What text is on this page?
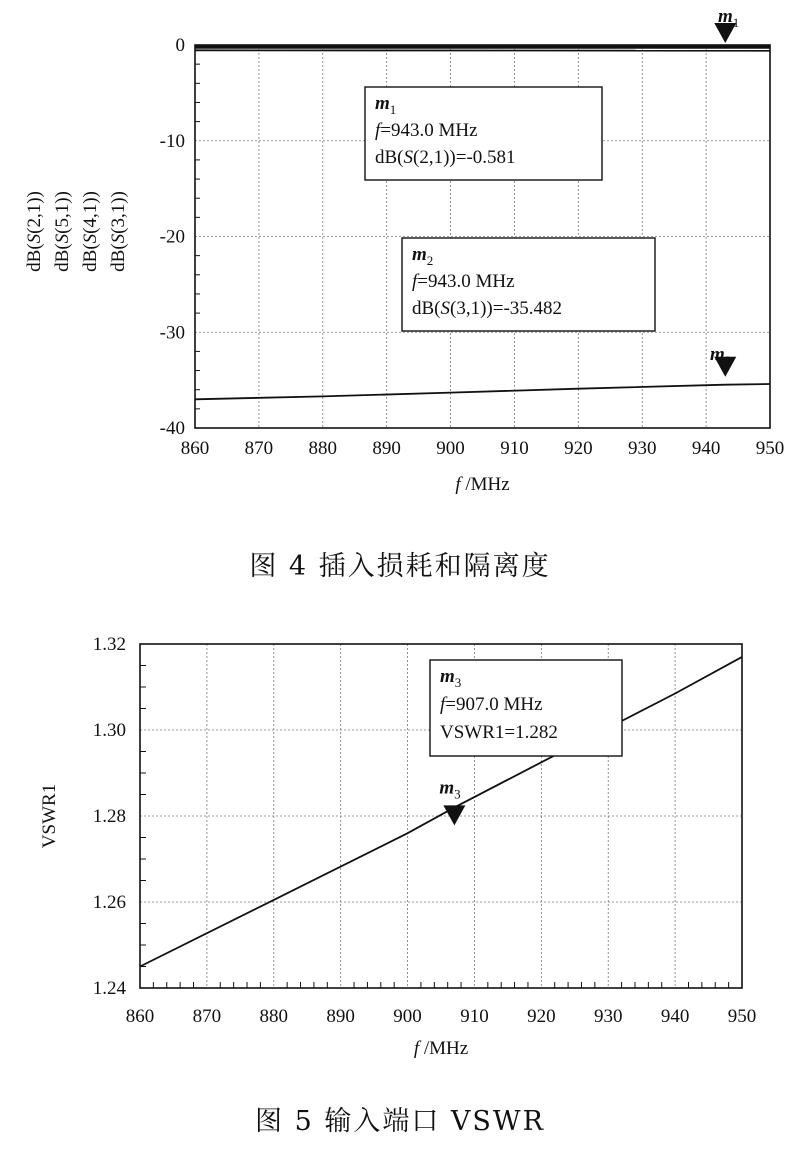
860 870 880 890 900 910 920 930 940 950
0
-10
-20
-30
-40
f /MHz
dB(S(2,1))
dB(S(5,1))
dB(S(4,1))
dB(S(3,1))
$m_1$
$m_1$
f=943.0 MHz
dB(S(2,1))=-0.581
$m_2$
$m_2$
f=943.0 MHz
dB(S(3,1))=-35.482
图 4 插入损耗和隔离度
860 870 880 890 900 910 920 930 940 950
1.24
1.26
1.28
1.30
1.32
f /MHz
VSWR1	$m_3$
$m_3$
f=907.0 MHz
VSWR1=1.282
图 5 输入端口 VSWR
